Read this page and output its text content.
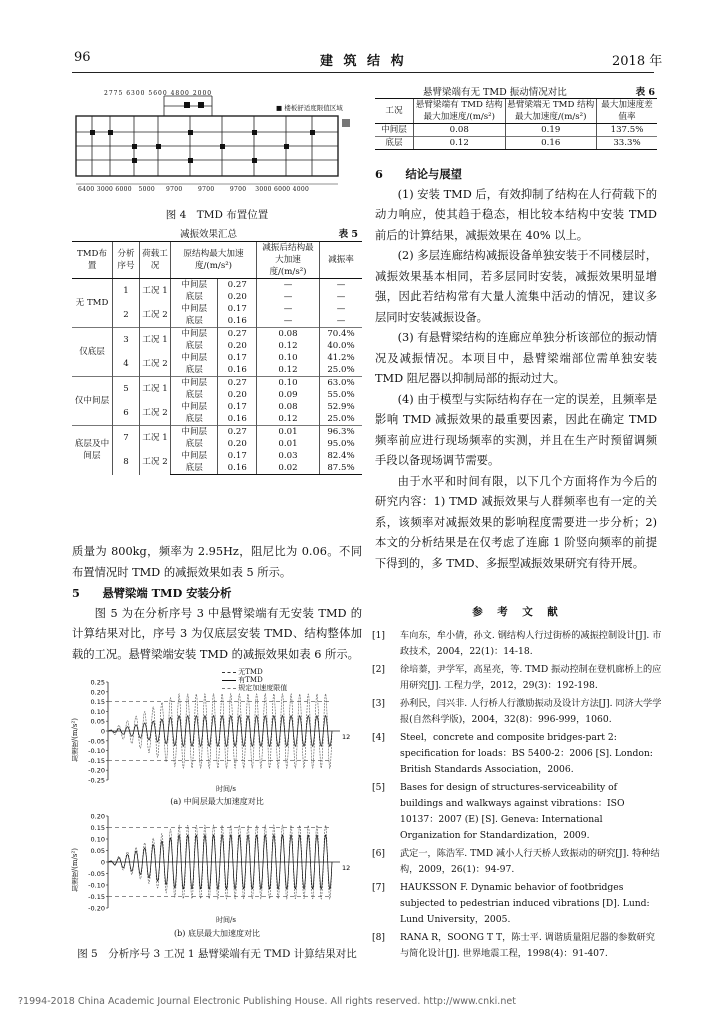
96	建 筑 结 构	2018 年
2775 6300 5600 4800 2000
■ 楼板舒适度限值区域
6400 3000 6000 5000 9700	9700	9700 3000 6000 4000
图 4　TMD 布置位置
减振效果汇总	表 5
TMD布置	分析序号	荷载工况	原结构最大加速度/(m/s²)		减振后结构最大加速度/(m/s²)	减振率
无 TMD	1	工况 1	中间层	0.27	—	—
			底层	0.20	—	—
	2	工况 2	中间层	0.17	—	—
			底层	0.16	—	—
仅底层	3	工况 1	中间层	0.27	0.08	70.4%
			底层	0.20	0.12	40.0%
	4	工况 2	中间层	0.17	0.10	41.2%
			底层	0.16	0.12	25.0%
仅中间层	5	工况 1	中间层	0.27	0.10	63.0%
			底层	0.20	0.09	55.0%
	6	工况 2	中间层	0.17	0.08	52.9%
			底层	0.16	0.12	25.0%
底层及中间层	7	工况 1	中间层	0.27	0.01	96.3%
			底层	0.20	0.01	95.0%
	8	工况 2	中间层	0.17	0.03	82.4%
			底层	0.16	0.02	87.5%

质量为 800kg，频率为 2.95Hz，阻尼比为 0.06。不同布置情况时 TMD 的减振效果如表 5 所示。

5　　悬臂梁端 TMD 安装分析

图 5 为在分析序号 3 中悬臂梁端有无安装 TMD 的计算结果对比，序号 3 为仅底层安装 TMD、结构整体加载的工况。悬臂梁端安装 TMD 的减振效果如表 6 所示。

无TMD
有TMD
规定加速度限值
0.25
0.20
0.15
0.10
0.05
0
-0.05
-0.10
-0.15
-0.20
-0.25
12
加速度/(m/s²)
时间/s
(a) 中间层最大加速度对比
0.20
0.15
0.10
0.05
0
-0.05
-0.10
-0.15
-0.20
12
加速度/(m/s²)
时间/s
(b) 底层最大加速度对比
图 5　分析序号 3 工况 1 悬臂梁端有无 TMD 计算结果对比
悬臂梁端有无 TMD 振动情况对比	表 6
工况	悬臂梁端有 TMD 结构最大加速度/(m/s²)	悬臂梁端无 TMD 结构最大加速度/(m/s²)	最大加速度差值率
中间层	0.08	0.19	137.5%
底层	0.12	0.16	33.3%
6　　结论与展望

(1) 安装 TMD 后，有效抑制了结构在人行荷载下的动力响应，使其趋于稳态，相比较本结构中安装 TMD 前后的计算结果，减振效果在 40% 以上。

(2) 多层连廊结构减振设备单独安装于不同楼层时，减振效果基本相同，若多层同时安装，减振效果明显增强，因此若结构常有大量人流集中活动的情况，建议多层同时安装减振设备。

(3) 有悬臂梁结构的连廊应单独分析该部位的振动情况及减振情况。本项目中，悬臂梁端部位需单独安装 TMD 阻尼器以抑制局部的振动过大。

(4) 由于模型与实际结构存在一定的误差，且频率是影响 TMD 减振效果的最重要因素，因此在确定 TMD 频率前应进行现场频率的实测，并且在生产时预留调频手段以备现场调节需要。

由于水平和时间有限，以下几个方面将作为今后的研究内容：1) TMD 减振效果与人群频率也有一定的关系，该频率对减振效果的影响程度需要进一步分析；2) 本文的分析结果是在仅考虑了连廊 1 阶竖向频率的前提下得到的，多 TMD、多振型减振效果研究有待开展。

参　考　文　献
[1] 车向东，牟小倩，孙文. 钢结构人行过街桥的减振控制设计[J]. 市政技术，2004，22(1)：14-18.
[2] 徐培蓁，尹学军，高星亮，等. TMD 振动控制在登机廊桥上的应用研究[J]. 工程力学，2012，29(3)：192-198.
[3] 孙利民，闫兴非. 人行桥人行激励振动及设计方法[J]. 同济大学学报(自然科学版)，2004，32(8)：996-999，1060.
[4] Steel，concrete and composite bridges-part 2: specification for loads：BS 5400-2：2006 [S]. London: British Standards Association，2006.
[5] Bases for design of structures-serviceability of buildings and walkways against vibrations：ISO 10137：2007 (E) [S]. Geneva: International Organization for Standardization，2009.
[6] 武定一，陈浩军. TMD 减小人行天桥人致振动的研究[J]. 特种结构，2009，26(1)：94-97.
[7] HAUKSSON F. Dynamic behavior of footbridges subjected to pedestrian induced vibrations [D]. Lund: Lund University，2005.
[8] RANA R，SOONG T T，陈士平. 调谐质量阻尼器的参数研究与简化设计[J]. 世界地震工程，1998(4)：91-407.
?1994-2018 China Academic Journal Electronic Publishing House. All rights reserved. http://www.cnki.net
